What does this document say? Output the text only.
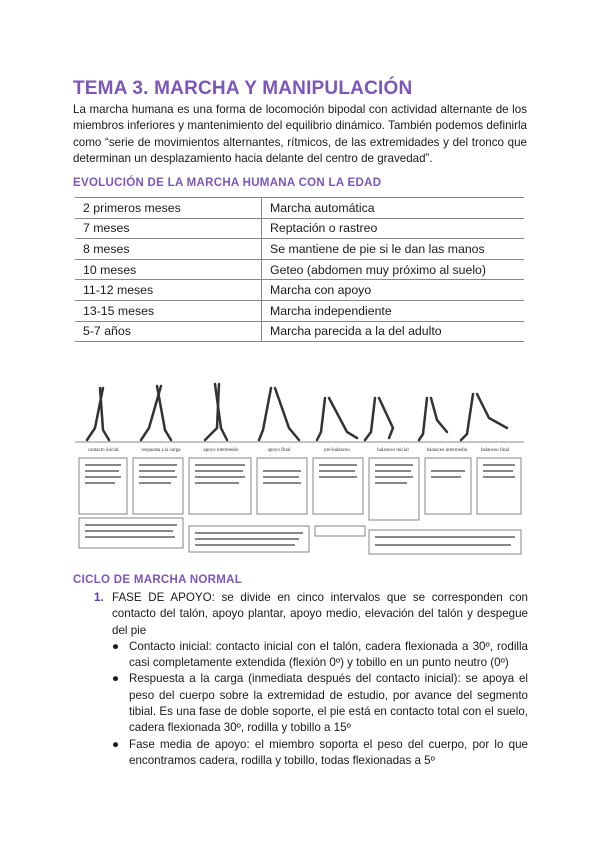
TEMA 3. MARCHA Y MANIPULACIÓN
La marcha humana es una forma de locomoción bipodal con actividad alternante de los miembros inferiores y mantenimiento del equilibrio dinámico. También podemos definirla como “serie de movimientos alternantes, rítmicos, de las extremidades y del tronco que determinan un desplazamiento hacia delante del centro de gravedad”.
EVOLUCIÓN DE LA MARCHA HUMANA CON LA EDAD
2 primeros meses	Marcha automática
7 meses	Reptación o rastreo
8 meses	Se mantiene de pie si le dan las manos
10 meses	Geteo (abdomen muy próximo al suelo)
11-12 meses	Marcha con apoyo
13-15 meses	Marcha independiente
5-7 años	Marcha parecida a la del adulto
contacto inicial	respuesta a la carga	apoyo intermedio	apoyo final	pre-balanceo	balanceo inicial	balanceo intermedio	balanceo final
CICLO DE MARCHA NORMAL
1. FASE DE APOYO: se divide en cinco intervalos que se corresponden con contacto del talón, apoyo plantar, apoyo medio, elevación del talón y despegue del pie
● Contacto inicial: contacto inicial con el talón, cadera flexionada a 30º, rodilla casi completamente extendida (flexión 0º) y tobillo en un punto neutro (0º)
● Respuesta a la carga (inmediata después del contacto inicial): se apoya el peso del cuerpo sobre la extremidad de estudio, por avance del segmento tibial. Es una fase de doble soporte, el pie está en contacto total con el suelo, cadera flexionada 30º, rodilla y tobillo a 15º
● Fase media de apoyo: el miembro soporta el peso del cuerpo, por lo que encontramos cadera, rodilla y tobillo, todas flexionadas a 5º
